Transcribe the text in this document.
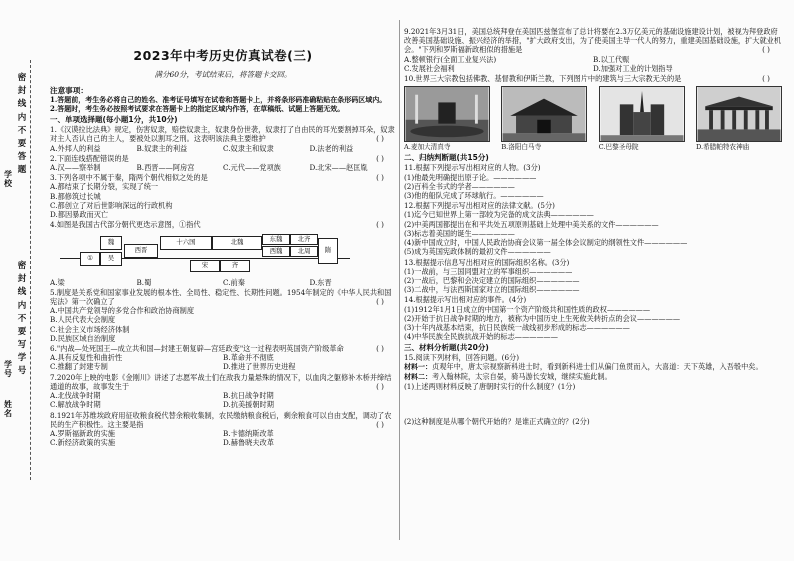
密
封
线
内
不
要
答
题
密
封
线
内
不
要
写
学
号
学校
学号
姓名
2023年中考历史仿真试卷(三)
满分60分，考试结束后，将答题卡交回。
注意事项：
1.答题前，考生务必将自己的姓名、准考证号填写在试卷和答题卡上，并将条形码准确粘贴在条形码区域内。
2.答题时，考生务必按照考试要求在答题卡上的指定区域内作答，在草稿纸、试题上答题无效。
一、单项选择题(每小题1分，共10分)
1.《汉谟拉比法典》规定，伤害奴隶，赔偿奴隶主，奴隶身份世袭，奴隶打了自由民的耳光要割掉耳朵，奴隶对主人否认自己的主人，要被处以割耳之刑。这表明该法典主要维护	( )
A.外邦人的利益	B.奴隶主的利益	C.奴隶主和奴隶	D.法老的利益
2.下面连线搭配错误的是	( )
A.汉——察举制	B.西晋——阿房宫	C.元代——党项族	D.北宋——赵匡胤
3.下列各项中不属于秦，隋两个朝代相似之处的是	( )
A.都结束了长期分裂，实现了统一
B.都修筑过长城
C.都创立了对后世影响深远的行政机构
D.都因暴政而灭亡
4.如图是我国古代部分朝代更迭示意图，①指代	( )
魏	十六国	北魏	东魏	北齐
隋
①	吴
西晋
宋	齐
西魏	北周
A.梁	B.蜀	C.前秦	D.东晋
5.制度是关系党和国家事业发展的根本性、全局性、稳定性、长期性问题。1954年制定的《中华人民共和国宪法》第一次确立了	( )
A.中国共产党领导的多党合作和政治协商制度
B.人民代表大会制度
C.社会主义市场经济体制
D.民族区域自治制度
6."内战—处死国王—成立共和国—封建王朝复辟—宫廷政变"这一过程表明英国资产阶级革命	( )
A.具有反复性和曲折性	B.革命并不彻底
C.推翻了封建专制	D.推进了世界历史进程
7.2020年上映的电影《金刚川》讲述了志愿军战士们在敌我力量悬殊的情况下，以血肉之躯修补木桥并缔结通道的故事，故事发生于	( )
A.北伐战争时期	B.抗日战争时期
C.解放战争时期	D.抗美援朝时期
8.1921年苏维埃政府用征收粮食税代替余粮收集制，农民缴纳粮食税后，剩余粮食可以自由支配，调动了农民的生产积极性。这主要是指	( )
A.罗斯福新政的实施	B.卡德纳斯改革
C.新经济政策的实施	D.赫鲁晓夫改革
9.2021年3月31日，美国总统拜登在美国匹兹堡宣布了总计将要在2.3万亿美元的基础设施建设计划，被视为拜登政府改善美国基础设施、振兴经济的举措，"扩大政府支出，为了使美国主导一代人的努力，重建美国基础设施，扩大就业机会。"下列和罗斯福新政相似的措施是	( )
A.整顿银行(全面工业复兴法)	B.以工代赈
C.发展社会福利	D.加强对工业的计划指导
10.世界三大宗教包括佛教、基督教和伊斯兰教，下列图片中的建筑与三大宗教无关的是	( )
A.麦加大清真寺	B.洛阳白马寺	C.巴黎圣母院	D.希腊帕特农神庙
二、归纳判断题(共15分)
11.根据下列提示写出相对应的人物。(3分)
(1)他最先明确提出原子论。——————
(2)百科全书式的学者——————
(3)他的船队完成了环球航行。——————
12.根据下列提示写出相对应的法律文献。(5分)
(1)迄今已知世界上第一部较为完备的成文法典——————
(2)中美两国都提出在和平共处五项原则基础上处理中美关系的文件——————
(3)标志着美国的诞生——————
(4)新中国成立时，中国人民政治协商会议第一届全体会议制定的纲领性文件——————
(5)成为英国宪政体制的最初文件——————
13.根据提示信息写出相对应的国际组织名称。(3分)
(1)一战前，与三国同盟对立的军事组织——————
(2)一战后，巴黎和会决定建立的国际组织——————
(3)二战中，与法西斯国家对立的国际组织——————
14.根据提示写出相对应的事件。(4分)
(1)1912年1月1日成立的中国第一个资产阶级共和国性质的政权——————
(2)开始于抗日战争时期的地方，被称为中国历史上生死攸关转折点的会议——————
(3)十年内战基本结束，抗日民族统一战线初步形成的标志——————
(4)中华民族全民族抗战开始的标志——————
三、材料分析题(共20分)
15.阅读下列材料，回答问题。(6分)
材料一：贞观年中，唐太宗视察新科进士时，看到新科进士们从偏门鱼贯而入，大喜道：天下英雄，入吾彀中矣。
材料二：考入翰林院，太宗自晏，骑马游长安城，继续实施此制。
(1)上述两则材料反映了唐朝时实行的什么制度？(1分)
(2)这种制度是从哪个朝代开始的？是谁正式确立的？(2分)
